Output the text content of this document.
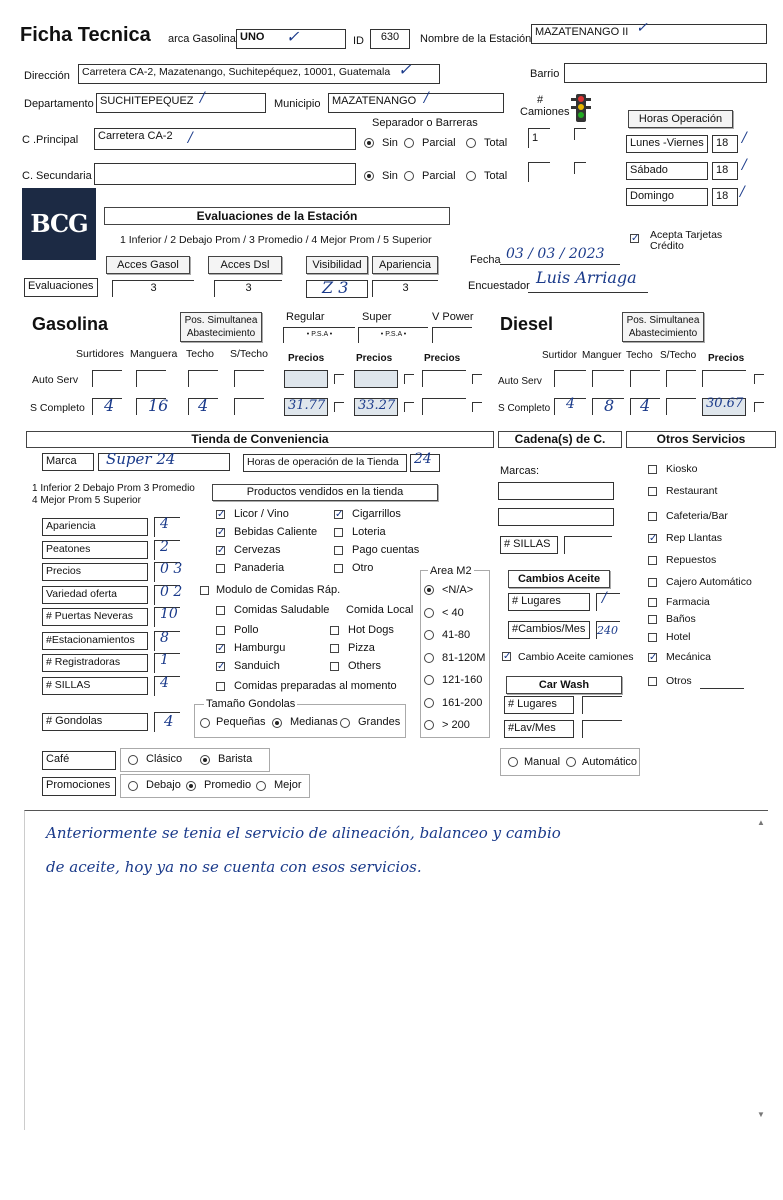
Ficha Tecnica arca Gasolina UNO	✓	ID	630	Nombre de la Estación
MAZATENANGO II ✓
Dirección	Carretera CA-2, Mazatenango, Suchitepéquez, 10001, Guatemala ✓	Barrio
Departamento SUCHITEPEQUEZ /	Municipio	MAZATENANGO /	# Camiones
Horas Operación
Lunes -Viernes	18 /
Sábado	18 /
Domingo	18 /
C .Principal	Carretera CA-2	/
Separador o Barreras
Sin Parcial	Total	1
C. Secundaria	Sin Parcial	Total
BCG	Evaluaciones de la Estación
1 Inferior / 2 Debajo Prom / 3 Promedio / 4 Mejor Prom / 5 Superior	✓ Acepta Tarjetas Crédito
Acces Gasol	Acces Dsl	Visibilidad	Apariencia	Fecha 03 / 03 / 2023
Evaluaciones	3	3	Z 3	3	Encuestador Luis Arriaga
Gasolina	Pos. Simultanea Abastecimiento
Regular	Super	V Power
• P.S.A •	• P.S.A •
Surtidores Manguera Techo S/Techo Precios	Precios	Precios
Auto Serv
S Completo 4 16 4	31.77	33.27
Diesel	Pos. Simultanea Abastecimiento
Surtidor Manguer Techo S/Techo Precios
Auto Serv
S Completo 4 8 4	30.67
Tienda de Conveniencia	Cadena(s) de C.	Otros Servicios
Marca	Super 24	Horas de operación de la Tienda	24
1 Inferior 2 Debajo Prom 3 Promedio
4 Mejor Prom 5 Superior
Productos vendidos en la tienda
Apariencia	4
Peatones	2
Precios	0 3
Variedad oferta	0 2
# Puertas Neveras	10
#Estacionamientos	8
# Registradoras	1
# SILLAS	4
# Gondolas	4
✓ Licor / Vino	✓ Cigarrillos
✓ Bebidas Caliente	Loteria
✓ Cervezas	Pago cuentas
Panaderia	Otro
Modulo de Comidas Ráp.
Comidas Saludable Comida Local
Pollo	Hot Dogs
✓ Hamburgu	Pizza
✓ Sanduich	Others
Comidas preparadas al momento
Area M2
<N/A>
< 40
41-80
81-120M
121-160
161-200
> 200
Tamaño Gondolas
Pequeñas Medianas Grandes
Café	Clásico	Barista
Promociones	Debajo Promedio Mejor
Marcas:
# SILLAS
Cambios Aceite
# Lugares	/
#Cambios/Mes	240
✓ Cambio Aceite camiones
Car Wash
# Lugares
#Lav/Mes
Manual Automático
Kiosko
Restaurant
Cafeteria/Bar
✓ Rep Llantas
Repuestos
Cajero Automático
Farmacia
Baños
Hotel
✓ Mecánica
Otros
▲
▼
Anteriormente se tenia el servicio de alineación, balanceo y cambio
de aceite, hoy ya no se cuenta con esos servicios.
